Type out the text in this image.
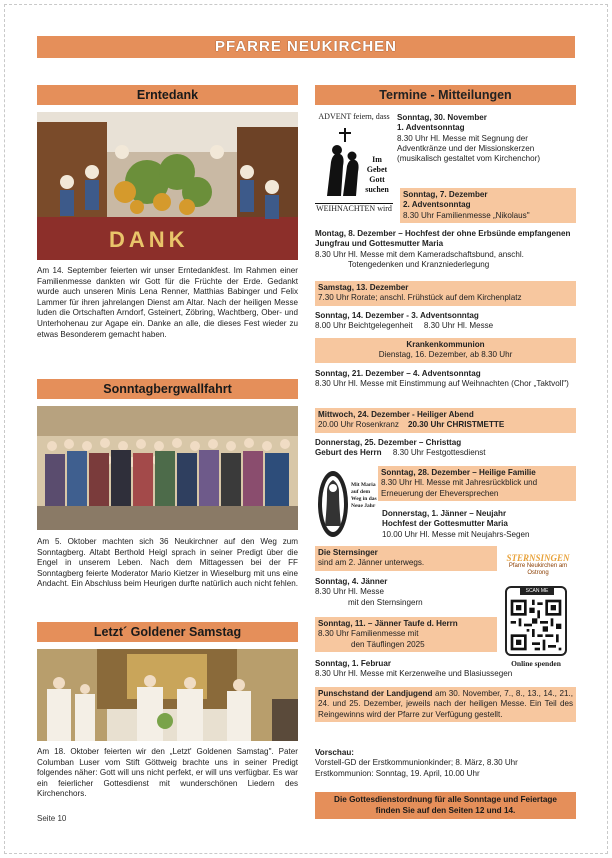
PFARRE NEUKIRCHEN
Erntedank
DANK
Am 14. September feierten wir unser Erntedankfest. Im Rahmen einer Familienmesse dankten wir Gott für die Früchte der Erde. Gedankt wurde auch unseren Minis Lena Renner, Matthias Babinger und Felix Lammer für ihren jahrelangen Dienst am Altar. Nach der heiligen Messe luden die Ortschaften Arndorf, Gsteinert, Zöbring, Wachtberg, Ober- und Unterhohenau zur Agape ein. Danke an alle, die dieses Fest wieder zu etwas Besonderem gemacht haben.
Sonntagbergwallfahrt
Am 5. Oktober machten sich 36 Neukirchner auf den Weg zum Sonntagberg. Altabt Berthold Heigl sprach in seiner Predigt über die Engel in unserem Leben. Nach dem Mittagessen bei der FF Sonntagberg feierte Moderator Mario Kietzer in Wieselburg mit uns eine Andacht. Ein Abschluss beim Heurigen durfte natürlich auch nicht fehlen.
Letzt´ Goldener Samstag
Am 18. Oktober feierten wir den „Letzt' Goldenen Samstag". Pater Columban Luser vom Stift Göttweig brachte uns in seiner Predigt folgendes näher: Gott will uns nicht perfekt, er will uns verfügbar. Es war ein feierlicher Gottesdienst mit wunderschönen Liedern des Kirchenchors.
Seite 10
Termine - Mitteilungen
ADVENT feiern, dass
Im
Gebet
Gott
suchen
WEIHNACHTEN wird
Sonntag, 30. November
1. Adventsonntag
8.30 Uhr Hl. Messe mit Segnung der Adventkränze und der Missionskerzen (musikalisch gestaltet vom Kirchenchor)
Sonntag, 7. Dezember
2. Adventsonntag
8.30 Uhr Familienmesse „Nikolaus"
Montag, 8. Dezember – Hochfest der ohne Erbsünde empfangenen Jungfrau und Gottesmutter Maria
8.30 Uhr Hl. Messe mit dem Kameradschaftsbund, anschl. Totengedenken und Kranzniederlegung
Samstag, 13. Dezember
7.30 Uhr Rorate; anschl. Frühstück auf dem Kirchenplatz
Sonntag, 14. Dezember - 3. Adventsonntag
8.00 Uhr Beichtgelegenheit 8.30 Uhr Hl. Messe
Krankenkommunion
Dienstag, 16. Dezember, ab 8.30 Uhr
Sonntag, 21. Dezember – 4. Adventsonntag
8.30 Uhr Hl. Messe mit Einstimmung auf Weihnachten (Chor „Taktvoll")
Mittwoch, 24. Dezember - Heiliger Abend
20.00 Uhr Rosenkranz 20.30 Uhr CHRISTMETTE
Donnerstag, 25. Dezember – Christtag
Geburt des Herrn 8.30 Uhr Festgottesdienst
Mit Maria auf dem Weg in das Neue Jahr
Sonntag, 28. Dezember – Heilige Familie
8.30 Uhr Hl. Messe mit Jahresrückblick und Erneuerung der Eheversprechen
Donnerstag, 1. Jänner – Neujahr
Hochfest der Gottesmutter Maria
10.00 Uhr Hl. Messe mit Neujahrs-Segen
Die Sternsinger
sind am 2. Jänner unterwegs.	STERNSINGEN
Pfarre Neukirchen am Ostrong
SCAN ME
Online spenden
Sonntag, 4. Jänner
8.30 Uhr Hl. Messe
mit den Sternsingern
Sonntag, 11. – Jänner Taufe d. Herrn
8.30 Uhr Familienmesse mit
den Täuflingen 2025
Sonntag, 1. Februar
8.30 Uhr Hl. Messe mit Kerzenweihe und Blasiussegen
Punschstand der Landjugend am 30. November, 7., 8., 13., 14., 21., 24. und 25. Dezember, jeweils nach der heiligen Messe. Ein Teil des Reingewinns wird der Pfarre zur Verfügung gestellt.
Vorschau:
Vorstell-GD der Erstkommunionkinder; 8. März, 8.30 Uhr
Erstkommunion: Sonntag, 19. April, 10.00 Uhr
Die Gottesdienstordnung für alle Sonntage und Feiertage finden Sie auf den Seiten 12 und 14.
